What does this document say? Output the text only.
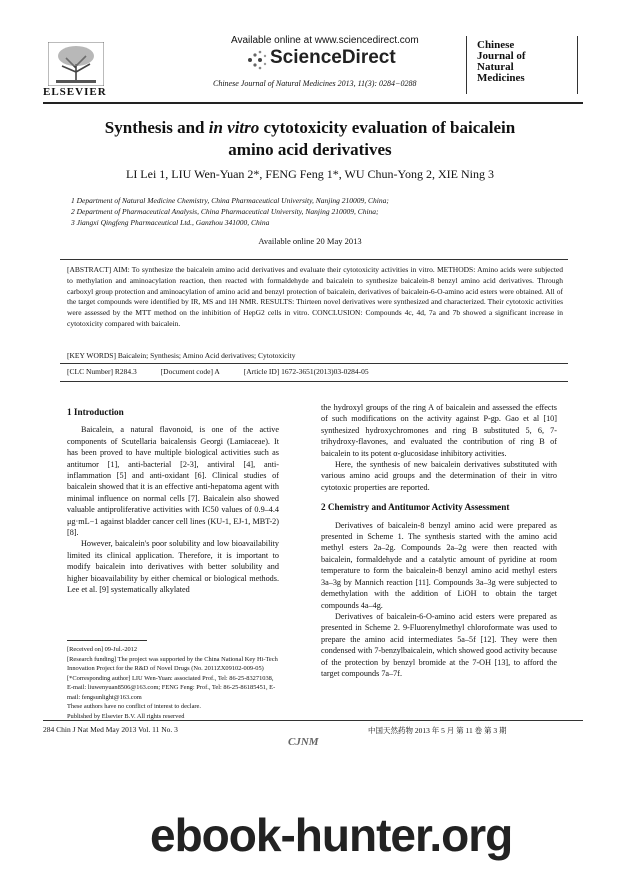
ELSEVIER
Available online at www.sciencedirect.com
ScienceDirect
Chinese Journal of Natural Medicines 2013, 11(3): 0284−0288
Chinese
Journal of
Natural
Medicines
Synthesis and in vitro cytotoxicity evaluation of baicalein
amino acid derivatives
LI Lei 1, LIU Wen-Yuan 2*, FENG Feng 1*, WU Chun-Yong 2, XIE Ning 3
1 Department of Natural Medicine Chemistry, China Pharmaceutical University, Nanjing 210009, China;
2 Department of Pharmaceutical Analysis, China Pharmaceutical University, Nanjing 210009, China;
3 Jiangxi Qingfeng Pharmaceutical Ltd., Ganzhou 341000, China
Available online 20 May 2013
[ABSTRACT] AIM: To synthesize the baicalein amino acid derivatives and evaluate their cytotoxicity activities in vitro. METHODS: Amino acids were subjected to methylation and aminoacylation reaction, then reacted with formaldehyde and baicalein to synthesize baicalein-8 benzyl amino acid derivatives. Through carboxyl group protection and aminoacylation of amino acid and benzyl protection of baicalein, derivatives of baicalein-6-O-amino acid esters were obtained. All of the target compounds were identified by IR, MS and 1H NMR. RESULTS: Thirteen novel derivatives were synthesized and characterized. Their cytotoxic activities were assessed by the MTT method on the inhibition of HepG2 cells in vitro. CONCLUSION: Compounds 4c, 4d, 7a and 7b showed a significant increase in cytotoxicity compared with baicalein.
[KEY WORDS] Baicalein; Synthesis; Amino Acid derivatives; Cytotoxicity
[CLC Number] R284.3	[Document code] A	[Article ID] 1672-3651(2013)03-0284-05
1 Introduction

Baicalein, a natural flavonoid, is one of the active components of Scutellaria baicalensis Georgi (Lamiaceae). It has been proved to have multiple biological activities such as antitumor [1], anti-bacterial [2-3], antiviral [4], anti-inflammation [5] and anti-oxidant [6]. Clinical studies of baicalein showed that it is an effective anti-hepatoma agent with minimal influence on normal cells [7]. Baicalein also showed valuable antiproliferative activities with IC50 values of 0.9–4.4 μg·mL−1 against bladder cancer cell lines (KU-1, EJ-1, MBT-2) [8].

However, baicalein's poor solubility and low bioavailability limited its clinical application. Therefore, it is important to modify baicalein into derivatives with better solubility and higher bioavailability by either chemical or biological methods. Lee et al. [9] systematically alkylated

[Received on] 09-Jul.-2012
[Research funding] The project was supported by the China National Key Hi-Tech Innovation Project for the R&D of Novel Drugs (No. 2011ZX09102-009-05)
[*Corresponding author] LIU Wen-Yuan: associated Prof., Tel: 86-25-83271038, E-mail: liuwenyuan8506@163.com; FENG Feng: Prof., Tel: 86-25-86185451, E-mail: fengsunlight@163.com
These authors have no conflict of interest to declare.
Published by Elsevier B.V. All rights reserved

the hydroxyl groups of the ring A of baicalein and assessed the effects of such modifications on the activity against P-gp. Gao et al [10] synthesized hydroxychromones and ring B substituted 5, 6, 7-trihydroxy-flavones, and evaluated the contribution of ring B of baicalein to its potent α-glucosidase inhibitory activities.

Here, the synthesis of new baicalein derivatives substituted with various amino acid groups and the determination of their in vitro cytotoxic properties are reported.

2 Chemistry and Antitumor Activity Assessment

Derivatives of baicalein-8 benzyl amino acid were prepared as presented in Scheme 1. The synthesis started with the amino acid methyl esters 2a–2g. Compounds 2a–2g were then reacted with baicalein, formaldehyde and a catalytic amount of pyridine at room temperature to form the baicalein-8 benzyl amino acid methyl esters 3a–3g by Mannich reaction [11]. Compounds 3a–3g were subjected to demethylation with the addition of LiOH to obtain the target compounds 4a–4g.

Derivatives of baicalein-6-O-amino acid esters were prepared as presented in Scheme 2. 9-Fluorenylmethyl chloroformate was used to prepare the amino acid intermediates 5a–5f [12]. They were then condensed with 7-benzylbaicalein, which showed good activity because of the protection by benzyl bromide at the 7-OH [13], to afford the target compounds 7a–7f.

284 Chin J Nat Med May 2013 Vol. 11 No. 3	中国天然药物 2013 年 5 月 第 11 卷 第 3 期
CJNM
ebook-hunter.org
